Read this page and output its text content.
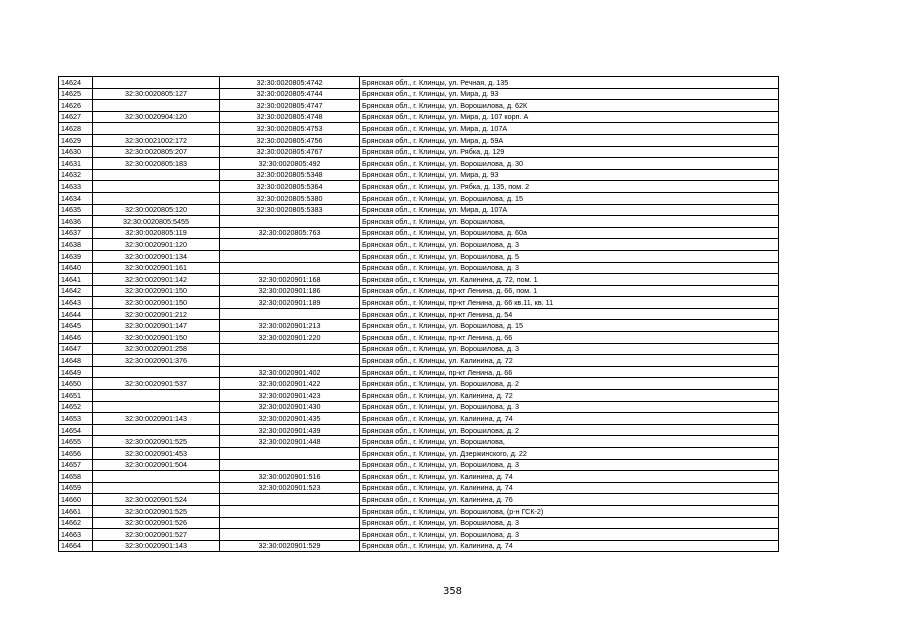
14624		32:30:0020805:4742	Брянская обл., г. Клинцы, ул. Речная, д. 135
14625	32:30:0020805:127	32:30:0020805:4744	Брянская обл., г. Клинцы, ул. Мира, д. 93
14626		32:30:0020805:4747	Брянская обл., г. Клинцы, ул. Ворошилова, д. 62К
14627	32:30:0020904:120	32:30:0020805:4748	Брянская обл., г. Клинцы, ул. Мира, д. 107 корп. А
14628		32:30:0020805:4753	Брянская обл., г. Клинцы, ул. Мира, д. 107А
14629	32:30:0021002:172	32:30:0020805:4756	Брянская обл., г. Клинцы, ул. Мира, д. 59А
14630	32:30:0020805:207	32:30:0020805:4767	Брянская обл., г. Клинцы, ул. Рябка, д. 129
14631	32:30:0020805:183	32:30:0020805:492	Брянская обл., г. Клинцы, ул. Ворошилова, д. 30
14632		32:30:0020805:5348	Брянская обл., г. Клинцы, ул. Мира, д. 93
14633		32:30:0020805:5364	Брянская обл., г. Клинцы, ул. Рябка, д. 135, пом. 2
14634		32:30:0020805:5380	Брянская обл., г. Клинцы, ул. Ворошилова, д. 15
14635	32:30:0020805:120	32:30:0020805:5383	Брянская обл., г. Клинцы, ул. Мира, д. 107А
14636	32:30:0020805:5455		Брянская обл., г. Клинцы, ул. Ворошилова,
14637	32:30:0020805:119	32:30:0020805:763	Брянская обл., г. Клинцы, ул. Ворошилова, д. 60а
14638	32:30:0020901:120		Брянская обл., г. Клинцы, ул. Ворошилова, д. 3
14639	32:30:0020901:134		Брянская обл., г. Клинцы, ул. Ворошилова, д. 5
14640	32:30:0020901:161		Брянская обл., г. Клинцы, ул. Ворошилова, д. 3
14641	32:30:0020901:142	32:30:0020901:168	Брянская обл., г. Клинцы, ул. Калинина, д. 72, пом. 1
14642	32:30:0020901:150	32:30:0020901:186	Брянская обл., г. Клинцы, пр-кт Ленина, д. 66, пом. 1
14643	32:30:0020901:150	32:30:0020901:189	Брянская обл., г. Клинцы, пр-кт Ленина, д. 66 кв.11, кв. 11
14644	32:30:0020901:212		Брянская обл., г. Клинцы, пр-кт Ленина, д. 54
14645	32:30:0020901:147	32:30:0020901:213	Брянская обл., г. Клинцы, ул. Ворошилова, д. 15
14646	32:30:0020901:150	32:30:0020901:220	Брянская обл., г. Клинцы, пр-кт Ленина, д. 66
14647	32:30:0020901:258		Брянская обл., г. Клинцы, ул. Ворошилова, д. 3
14648	32:30:0020901:376		Брянская обл., г. Клинцы, ул. Калинина, д. 72
14649		32:30:0020901:402	Брянская обл., г. Клинцы, пр-кт Ленина, д. 66
14650	32:30:0020901:537	32:30:0020901:422	Брянская обл., г. Клинцы, ул. Ворошилова, д. 2
14651		32:30:0020901:423	Брянская обл., г. Клинцы, ул. Калинина, д. 72
14652		32:30:0020901:430	Брянская обл., г. Клинцы, ул. Ворошилова, д. 3
14653	32:30:0020901:143	32:30:0020901:435	Брянская обл., г. Клинцы, ул. Калинина, д. 74
14654		32:30:0020901:439	Брянская обл., г. Клинцы, ул. Ворошилова, д. 2
14655	32:30:0020901:525	32:30:0020901:448	Брянская обл., г. Клинцы, ул. Ворошилова,
14656	32:30:0020901:453		Брянская обл., г. Клинцы, ул. Дзержинского, д. 22
14657	32:30:0020901:504		Брянская обл., г. Клинцы, ул. Ворошилова, д. 3
14658		32:30:0020901:516	Брянская обл., г. Клинцы, ул. Калинина, д. 74
14659		32:30:0020901:523	Брянская обл., г. Клинцы, ул. Калинина, д. 74
14660	32:30:0020901:524		Брянская обл., г. Клинцы, ул. Калинина, д. 76
14661	32:30:0020901:525		Брянская обл., г. Клинцы, ул. Ворошилова, (р-н ГСК-2)
14662	32:30:0020901:526		Брянская обл., г. Клинцы, ул. Ворошилова, д. 3
14663	32:30:0020901:527		Брянская обл., г. Клинцы, ул. Ворошилова, д. 3
14664	32:30:0020901:143	32:30:0020901:529	Брянская обл., г. Клинцы, ул. Калинина, д. 74
358
